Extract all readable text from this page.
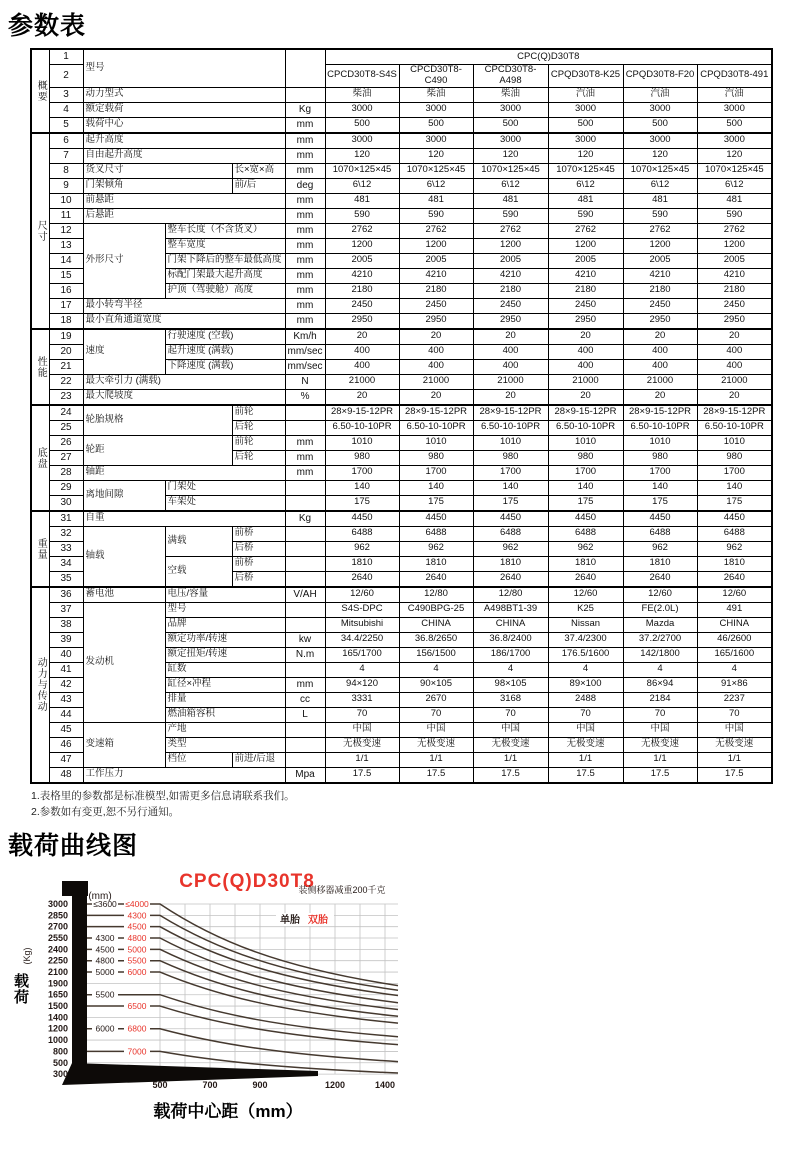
参数表
概要	1	型号				CPC(Q)D30T8					
	2					CPCD30T8-S4S	CPCD30T8-C490	CPCD30T8-A498	CPQD30T8-K25	CPQD30T8-F20	CPQD30T8-491
	3	动力型式				柴油	柴油	柴油	汽油	汽油	汽油
	4	额定载荷			Kg	3000	3000	3000	3000	3000	3000
	5	载荷中心			mm	500	500	500	500	500	500

尺寸	6	起升高度			mm	3000	3000	3000	3000	3000	3000
	7	自由起升高度			mm	120	120	120	120	120	120
	8	货叉尺寸		长×宽×高	mm	1070×125×45	1070×125×45	1070×125×45	1070×125×45	1070×125×45	1070×125×45
	9	门架倾角		前/后	deg	6\12	6\12	6\12	6\12	6\12	6\12
	10	前悬距			mm	481	481	481	481	481	481
	11	后悬距			mm	590	590	590	590	590	590
	12	外形尺寸	整车长度（不含货叉）		mm	2762	2762	2762	2762	2762	2762
	13		整车宽度		mm	1200	1200	1200	1200	1200	1200
	14		门架下降后的整车最低高度		mm	2005	2005	2005	2005	2005	2005
	15		标配门架最大起升高度		mm	4210	4210	4210	4210	4210	4210
	16		护顶（驾驶舱）高度		mm	2180	2180	2180	2180	2180	2180
	17	最小转弯半径			mm	2450	2450	2450	2450	2450	2450
	18	最小直角通道宽度			mm	2950	2950	2950	2950	2950	2950

性能	19	速度	行驶速度 (空载)		Km/h	20	20	20	20	20	20
	20		起升速度 (满载)		mm/sec	400	400	400	400	400	400
	21		下降速度 (满载)		mm/sec	400	400	400	400	400	400
	22	最大牵引力 (满载)			N	21000	21000	21000	21000	21000	21000
	23	最大爬坡度			%	20	20	20	20	20	20

底盘	24	轮胎规格		前轮		28×9-15-12PR	28×9-15-12PR	28×9-15-12PR	28×9-15-12PR	28×9-15-12PR	28×9-15-12PR
	25			后轮		6.50-10-10PR	6.50-10-10PR	6.50-10-10PR	6.50-10-10PR	6.50-10-10PR	6.50-10-10PR
	26	轮距		前轮	mm	1010	1010	1010	1010	1010	1010
	27			后轮	mm	980	980	980	980	980	980
	28	轴距			mm	1700	1700	1700	1700	1700	1700
	29	离地间隙	门架处			140	140	140	140	140	140
	30		车架处			175	175	175	175	175	175

重量	31	自重			Kg	4450	4450	4450	4450	4450	4450
	32	轴载	满载	前桥		6488	6488	6488	6488	6488	6488
	33			后桥		962	962	962	962	962	962
	34		空载	前桥		1810	1810	1810	1810	1810	1810
	35			后桥		2640	2640	2640	2640	2640	2640

动力与传动	36	蓄电池	电压/容量		V/AH	12/60	12/80	12/80	12/60	12/60	12/60
	37	发动机	型号			S4S-DPC	C490BPG-25	A498BT1-39	K25	FE(2.0L)	491
	38		品牌			Mitsubishi	CHINA	CHINA	Nissan	Mazda	CHINA
	39		额定功率/转速		kw	34.4/2250	36.8/2650	36.8/2400	37.4/2300	37.2/2700	46/2600
	40		额定扭矩/转速		N.m	165/1700	156/1500	186/1700	176.5/1600	142/1800	165/1600
	41		缸数			4	4	4	4	4	4
	42		缸径×冲程		mm	94×120	90×105	98×105	89×100	86×94	91×86
	43		排量		cc	3331	2670	3168	2488	2184	2237
	44		燃油箱容积		L	70	70	70	70	70	70
	45	变速箱	产地			中国	中国	中国	中国	中国	中国
	46		类型			无极变速	无极变速	无极变速	无极变速	无极变速	无极变速
	47		档位	前进/后退		1/1	1/1	1/1	1/1	1/1	1/1
	48	工作压力			Mpa	17.5	17.5	17.5	17.5	17.5	17.5
1.表格里的参数都是标准模型,如需更多信息请联系我们。
2.参数如有变更,恕不另行通知。
载荷曲线图
≤3600 ≤4000
4300
4500
4300 4800
4500 5000
4800 5500
5000 6000
5500
6500
6000 6800
7000
3000
2850
2700
2550
2400
2250
2100
1900
1650
1500
1400
1200
1000
800
500
300
500	700	900	1200	1400
CPC(Q)D30T8
装侧移器减重200千克
单胎 双胎
(mm)
(Kg)
载荷
载荷中心距（mm）
